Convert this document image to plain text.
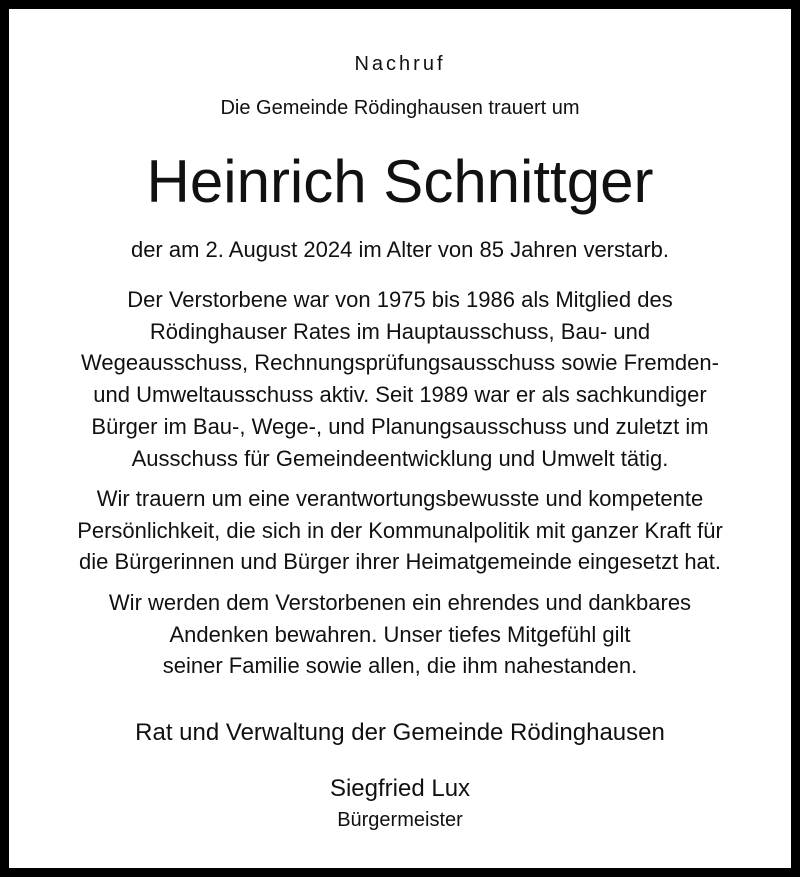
Nachruf
Die Gemeinde Rödinghausen trauert um
Heinrich Schnittger
der am 2. August 2024 im Alter von 85 Jahren verstarb.
Der Verstorbene war von 1975 bis 1986 als Mitglied des
Rödinghauser Rates im Hauptausschuss, Bau- und
Wegeausschuss, Rechnungsprüfungsausschuss sowie Fremden-
und Umweltausschuss aktiv. Seit 1989 war er als sachkundiger
Bürger im Bau-, Wege-, und Planungsausschuss und zuletzt im
Ausschuss für Gemeindeentwicklung und Umwelt tätig.
Wir trauern um eine verantwortungsbewusste und kompetente
Persönlichkeit, die sich in der Kommunalpolitik mit ganzer Kraft für
die Bürgerinnen und Bürger ihrer Heimatgemeinde eingesetzt hat.
Wir werden dem Verstorbenen ein ehrendes und dankbares
Andenken bewahren. Unser tiefes Mitgefühl gilt
seiner Familie sowie allen, die ihm nahestanden.
Rat und Verwaltung der Gemeinde Rödinghausen
Siegfried Lux
Bürgermeister
